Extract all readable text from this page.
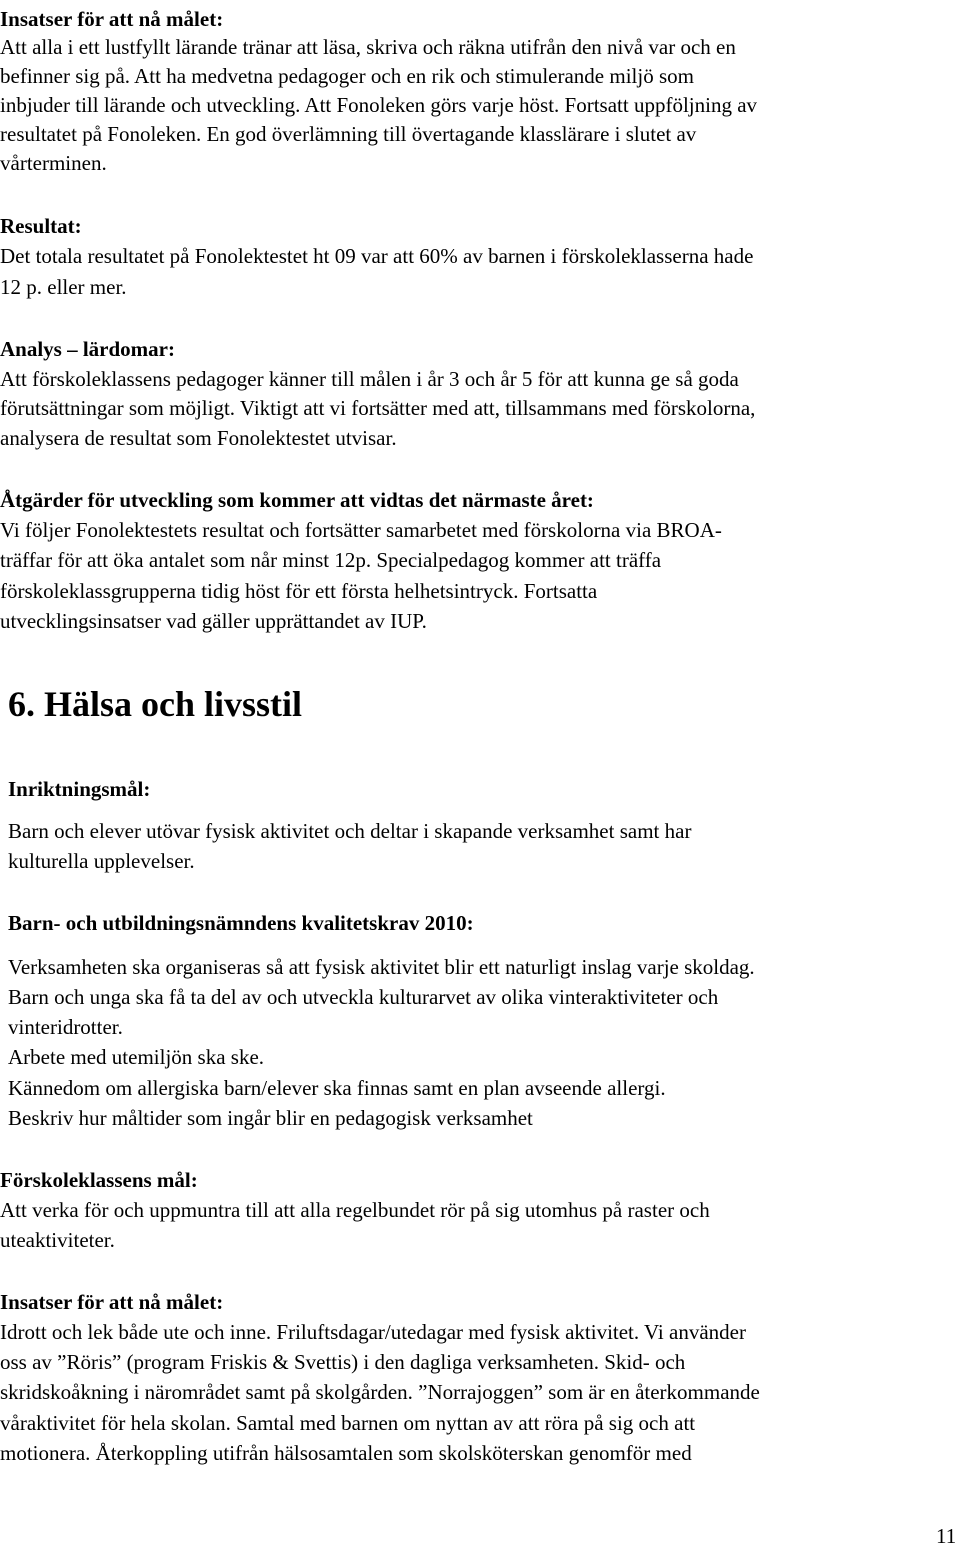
Insatser för att nå målet:
Att alla i ett lustfyllt lärande tränar att läsa, skriva och räkna utifrån den nivå var och en
befinner sig på. Att ha medvetna pedagoger och en rik och stimulerande miljö som
inbjuder till lärande och utveckling. Att Fonoleken görs varje höst. Fortsatt uppföljning av
resultatet på Fonoleken. En god överlämning till övertagande klasslärare i slutet av
vårterminen.
Resultat:
Det totala resultatet på Fonolektestet ht 09 var att 60% av barnen i förskoleklasserna hade
12 p. eller mer.
Analys – lärdomar:
Att förskoleklassens pedagoger känner till målen i år 3 och år 5 för att kunna ge så goda
förutsättningar som möjligt. Viktigt att vi fortsätter med att, tillsammans med förskolorna,
analysera de resultat som Fonolektestet utvisar.
Åtgärder för utveckling som kommer att vidtas det närmaste året:
Vi följer Fonolektestets resultat och fortsätter samarbetet med förskolorna via BROA-
träffar för att öka antalet som når minst 12p. Specialpedagog kommer att träffa
förskoleklassgrupperna tidig höst för ett första helhetsintryck. Fortsatta
utvecklingsinsatser vad gäller upprättandet av IUP.
6. Hälsa och livsstil
Inriktningsmål:
Barn och elever utövar fysisk aktivitet och deltar i skapande verksamhet samt har
kulturella upplevelser.
Barn- och utbildningsnämndens kvalitetskrav 2010:
Verksamheten ska organiseras så att fysisk aktivitet blir ett naturligt inslag varje skoldag.
Barn och unga ska få ta del av och utveckla kulturarvet av olika vinteraktiviteter och
vinteridrotter.
Arbete med utemiljön ska ske.
Kännedom om allergiska barn/elever ska finnas samt en plan avseende allergi.
Beskriv hur måltider som ingår blir en pedagogisk verksamhet
Förskoleklassens mål:
Att verka för och uppmuntra till att alla regelbundet rör på sig utomhus på raster och
uteaktiviteter.
Insatser för att nå målet:
Idrott och lek både ute och inne. Friluftsdagar/utedagar med fysisk aktivitet. Vi använder
oss av ”Röris” (program Friskis & Svettis) i den dagliga verksamheten. Skid- och
skridskoåkning i närområdet samt på skolgården. ”Norrajoggen” som är en återkommande
våraktivitet för hela skolan. Samtal med barnen om nyttan av att röra på sig och att
motionera. Återkoppling utifrån hälsosamtalen som skolsköterskan genomför med
11
